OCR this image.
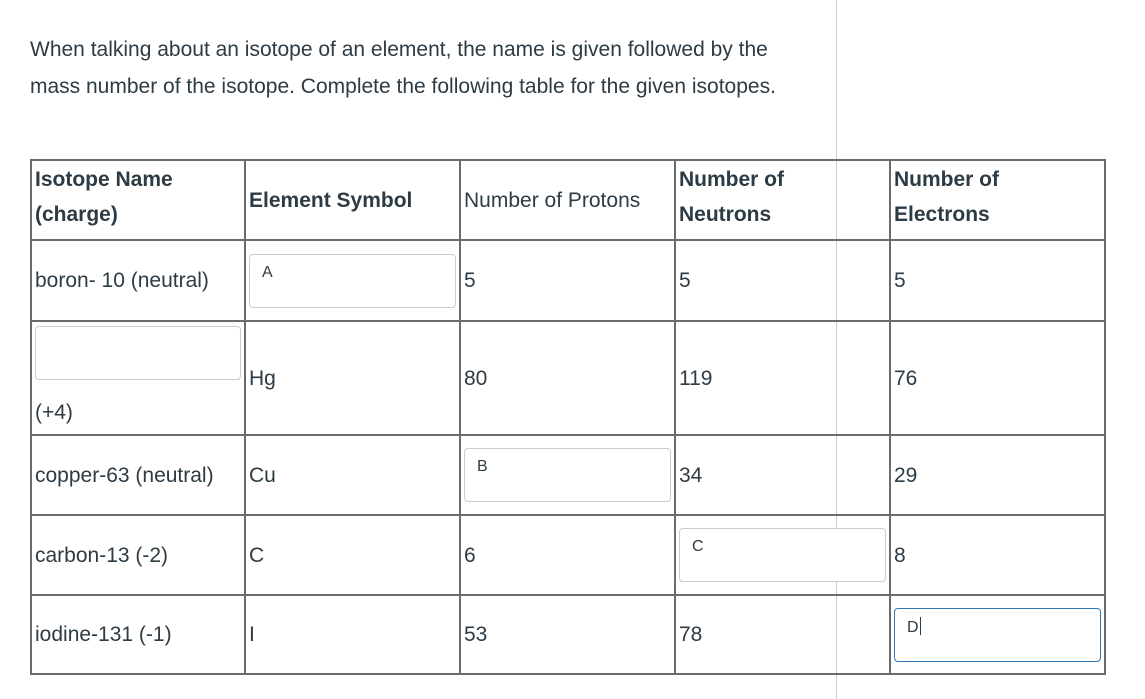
When talking about an isotope of an element, the name is given followed by the mass number of the isotope. Complete the following table for the given isotopes.

Isotope Name (charge)	Element Symbol	Number of Protons	Number of Neutrons	Number of Electrons
boron- 10 (neutral)	A	5	5	5

(+4)	Hg	80	119	76
copper-63 (neutral)	Cu	B	34	29
carbon-13 (-2)	C	6	C	8
iodine-131 (-1)	I	53	78	D
